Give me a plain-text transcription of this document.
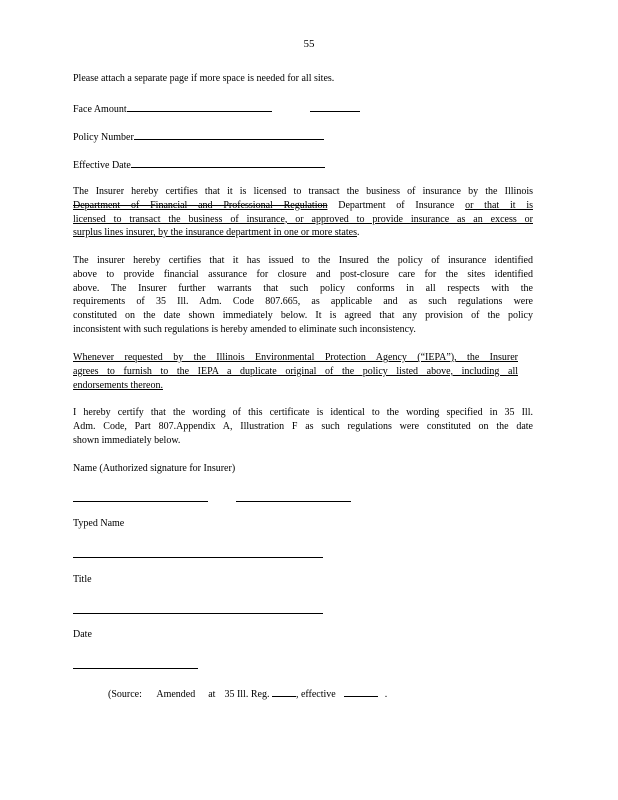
55
Please attach a separate page if more space is needed for all sites.
Face Amount
Policy Number
Effective Date

The Insurer hereby certifies that it is licensed to transact the business of insurance by the Illinois

Department of Financial and Professional Regulation Department of Insurance or that it is

licensed to transact the business of insurance, or approved to provide insurance as an excess or

surplus lines insurer, by the insurance department in one or more states.

The insurer hereby certifies that it has issued to the Insured the policy of insurance identified

above to provide financial assurance for closure and post-closure care for the sites identified

above. The Insurer further warrants that such policy conforms in all respects with the

requirements of 35 Ill. Adm. Code 807.665, as applicable and as such regulations were

constituted on the date shown immediately below. It is agreed that any provision of the policy

inconsistent with such regulations is hereby amended to eliminate such inconsistency.

Whenever requested by the Illinois Environmental Protection Agency (“IEPA”), the Insurer

agrees to furnish to the IEPA a duplicate original of the policy listed above, including all

endorsements thereon.

I hereby certify that the wording of this certificate is identical to the wording specified in 35 Ill.

Adm. Code, Part 807.Appendix A, Illustration F as such regulations were constituted on the date

shown immediately below.

Name (Authorized signature for Insurer)
Typed Name
Title
Date
(Source: Amended at 35 Ill. Reg.	, effective	.
